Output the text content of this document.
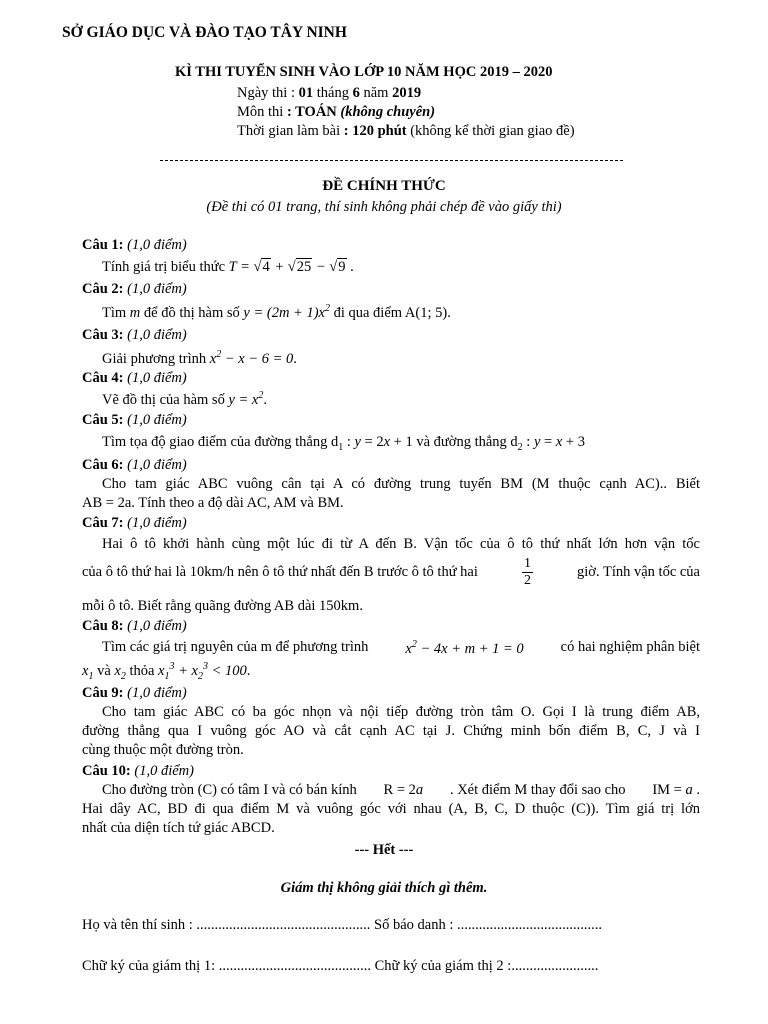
SỞ GIÁO DỤC VÀ ĐÀO TẠO TÂY NINH
KÌ THI TUYỂN SINH VÀO LỚP 10 NĂM HỌC 2019 – 2020
Ngày thi : 01 tháng 6 năm 2019
Môn thi : TOÁN (không chuyên)
Thời gian làm bài : 120 phút (không kể thời gian giao đề)
ĐỀ CHÍNH THỨC
(Đề thi có 01 trang, thí sinh không phải chép đề vào giấy thi)
Câu 1: (1,0 điểm)
Tính giá trị biểu thức T = √4 + √25 − √9 .
Câu 2: (1,0 điểm)
Tìm m để đồ thị hàm số $y = (2m + 1)x^2$ đi qua điểm A(1; 5).
Câu 3: (1,0 điểm)
Giải phương trình $x^2 - x - 6 = 0$.
Câu 4: (1,0 điểm)
Vẽ đồ thị của hàm số $y = x^2$.
Câu 5: (1,0 điểm)
Tìm tọa độ giao điểm của đường thẳng $d_1$ : y = 2x + 1 và đường thẳng $d_2$ : y = x + 3
Câu 6: (1,0 điểm)
Cho tam giác ABC vuông cân tại A có đường trung tuyến BM (M thuộc cạnh AC).. Biết
AB = 2a. Tính theo a độ dài AC, AM và BM.
Câu 7: (1,0 điểm)
Hai ô tô khởi hành cùng một lúc đi từ A đến B. Vận tốc của ô tô thứ nhất lớn hơn vận tốc
của ô tô thứ hai là 10km/h nên ô tô thứ nhất đến B trước ô tô thứ hai	$\frac{1}{2}$	giờ. Tính vận tốc của
mỗi ô tô. Biết rằng quãng đường AB dài 150km.
Câu 8: (1,0 điểm)
Tìm các giá trị nguyên của m để phương trình	$x^2 - 4x + m + 1 = 0$	có hai nghiệm phân biệt
$x_1$ và $x_2$ thỏa $x_1^3 + x_2^3 < 100$.
Câu 9: (1,0 điểm)
Cho tam giác ABC có ba góc nhọn và nội tiếp đường tròn tâm O. Gọi I là trung điểm AB,
đường thẳng qua I vuông góc AO và cắt cạnh AC tại J. Chứng minh bốn điểm B, C, J và I
cùng thuộc một đường tròn.
Câu 10: (1,0 điểm)
Cho đường tròn (C) có tâm I và có bán kính R = 2a . Xét điểm M thay đổi sao cho IM = a .
Hai dây AC, BD đi qua điểm M và vuông góc với nhau (A, B, C, D thuộc (C)). Tìm giá trị lớn
nhất của diện tích tứ giác ABCD.
--- Hết ---
Giám thị không giải thích gì thêm.
Họ và tên thí sinh : ................................................ Số báo danh : ........................................
Chữ ký của giám thị 1: .......................................... Chữ ký của giám thị 2 :........................
